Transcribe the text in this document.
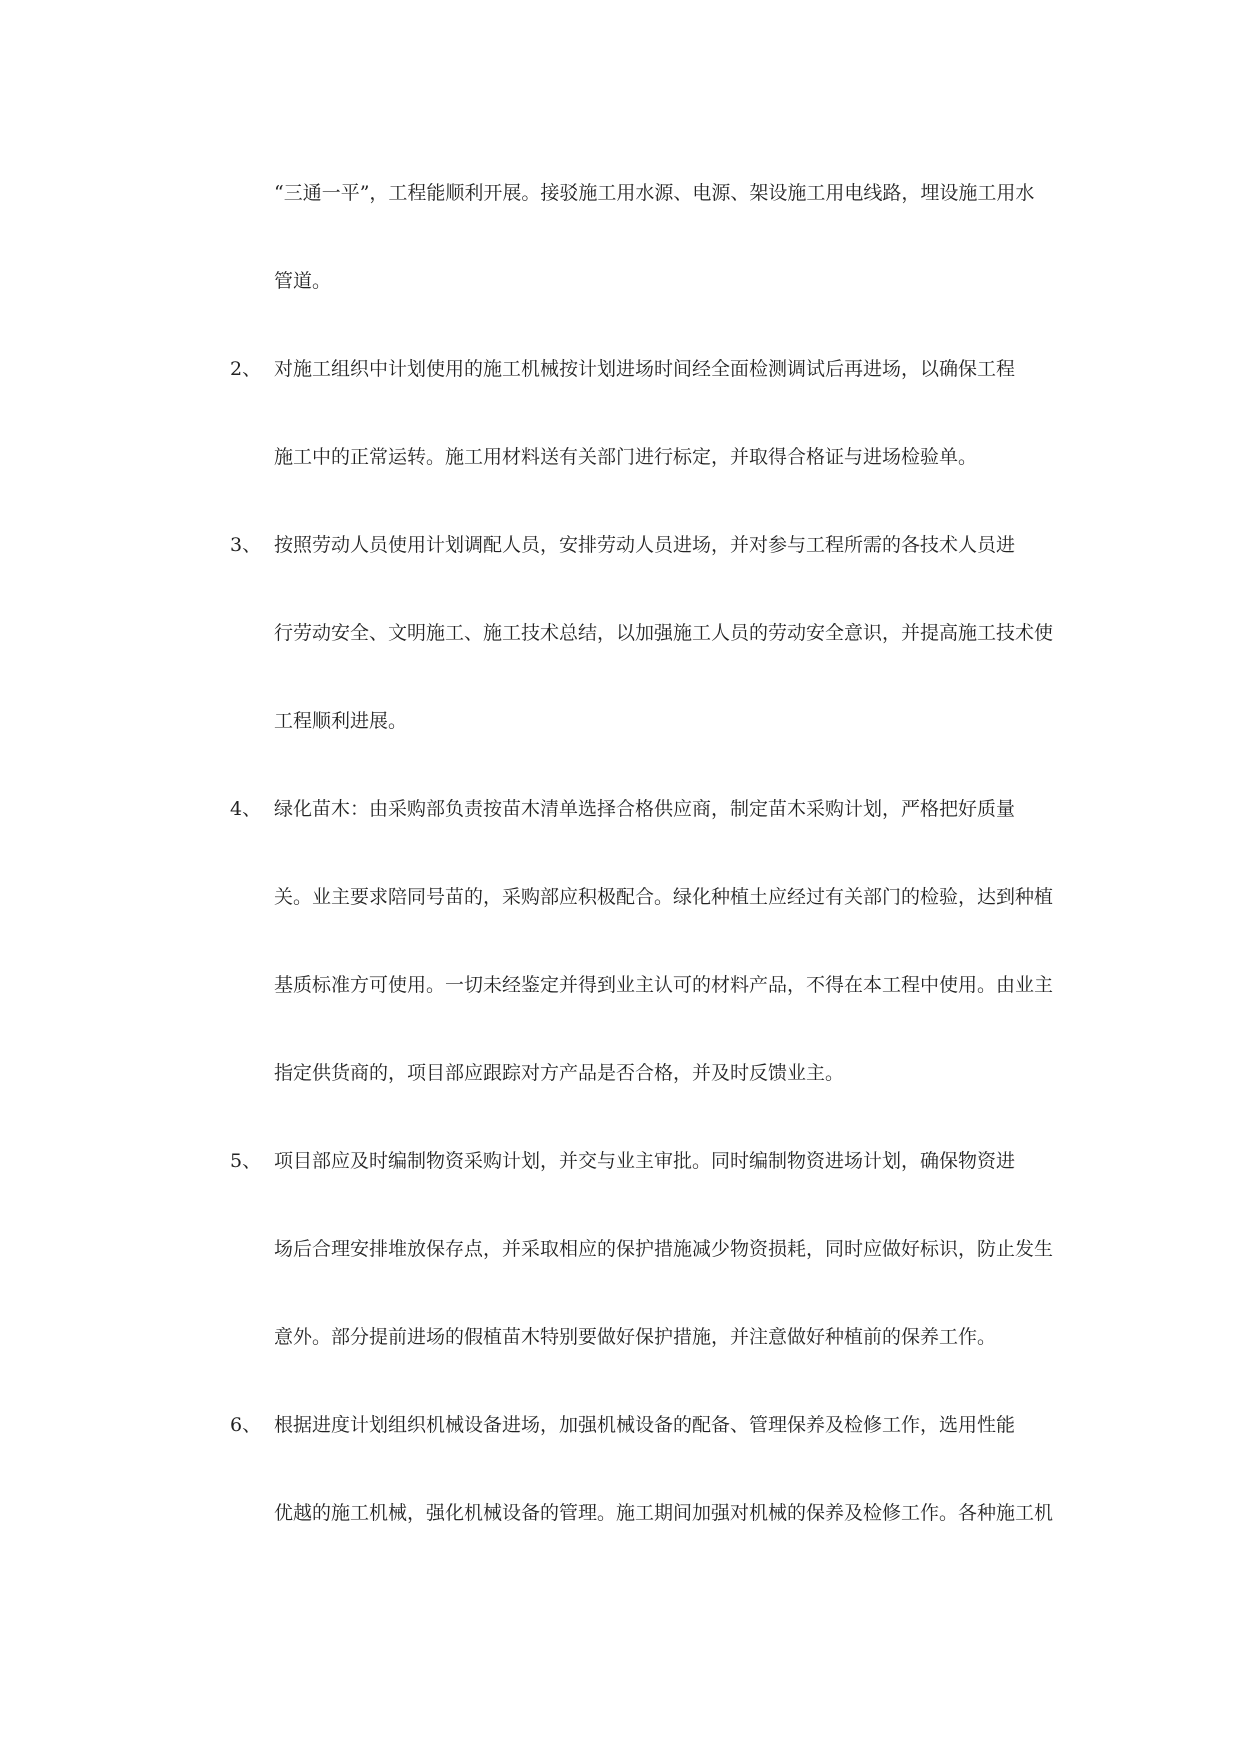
“三通一平”，工程能顺利开展。接驳施工用水源、电源、架设施工用电线路，埋设施工用水
管道。
2、 对施工组织中计划使用的施工机械按计划进场时间经全面检测调试后再进场，以确保工程
施工中的正常运转。施工用材料送有关部门进行标定，并取得合格证与进场检验单。
3、 按照劳动人员使用计划调配人员，安排劳动人员进场，并对参与工程所需的各技术人员进
行劳动安全、文明施工、施工技术总结，以加强施工人员的劳动安全意识，并提高施工技术使
工程顺利进展。
4、 绿化苗木：由采购部负责按苗木清单选择合格供应商，制定苗木采购计划，严格把好质量
关。业主要求陪同号苗的，采购部应积极配合。绿化种植土应经过有关部门的检验，达到种植
基质标准方可使用。一切未经鉴定并得到业主认可的材料产品，不得在本工程中使用。由业主
指定供货商的，项目部应跟踪对方产品是否合格，并及时反馈业主。
5、 项目部应及时编制物资采购计划，并交与业主审批。同时编制物资进场计划，确保物资进
场后合理安排堆放保存点，并采取相应的保护措施减少物资损耗，同时应做好标识，防止发生
意外。部分提前进场的假植苗木特别要做好保护措施，并注意做好种植前的保养工作。
6、 根据进度计划组织机械设备进场，加强机械设备的配备、管理保养及检修工作，选用性能
优越的施工机械，强化机械设备的管理。施工期间加强对机械的保养及检修工作。各种施工机
